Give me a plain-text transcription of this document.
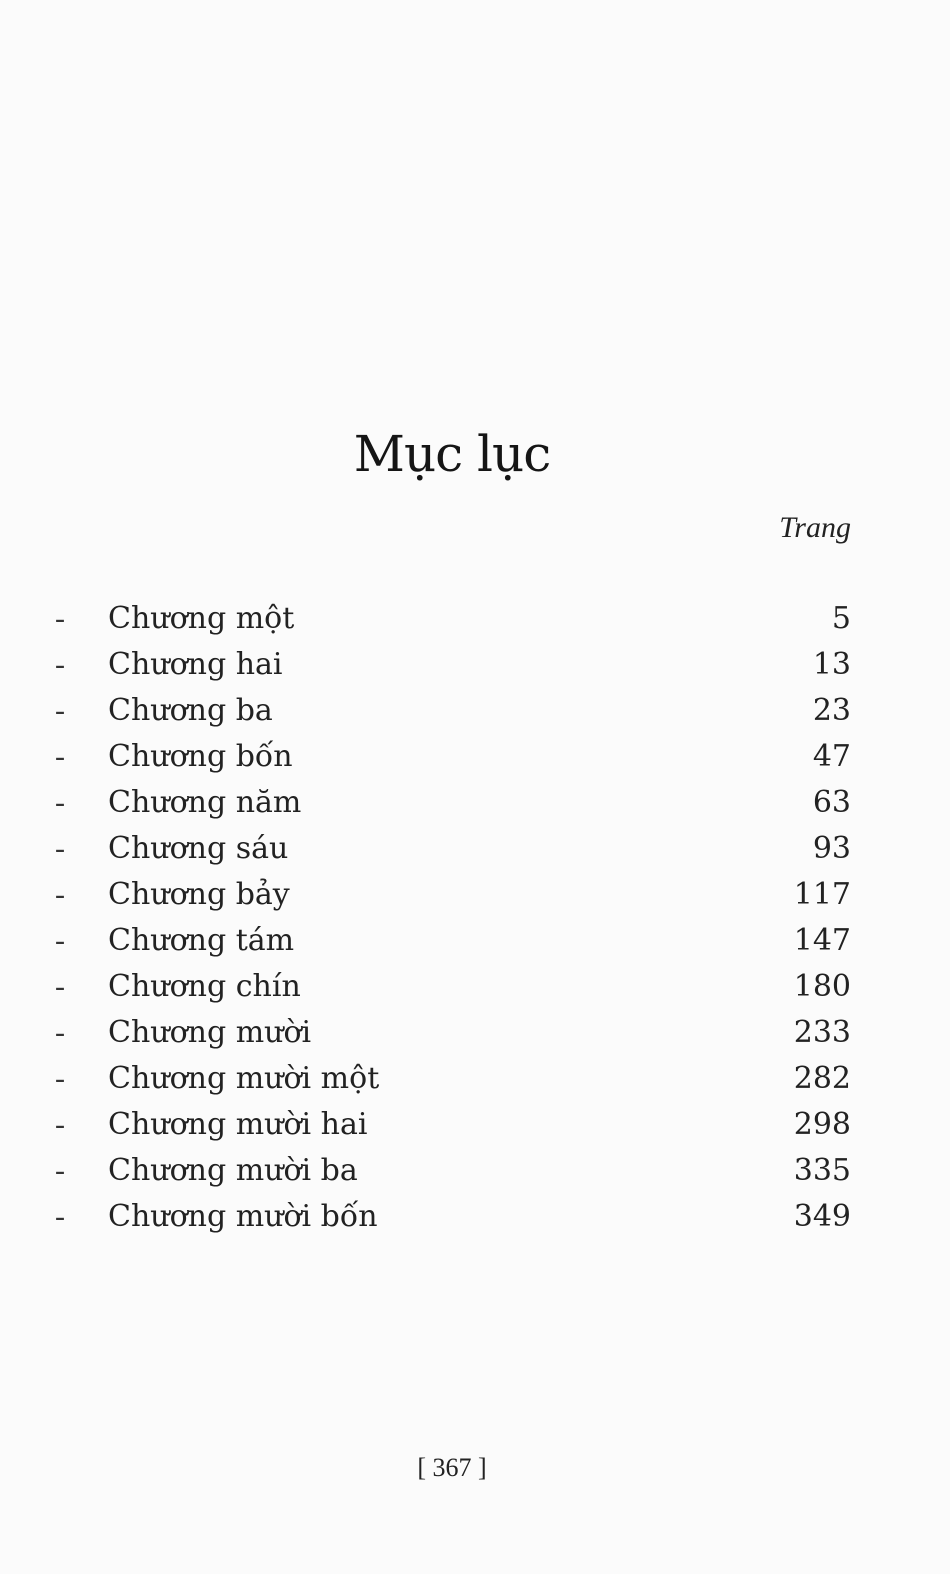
Mục lục
Trang
- Chương một	5
- Chương hai	13
- Chương ba	23
- Chương bốn	47
- Chương năm	63
- Chương sáu	93
- Chương bảy	117
- Chương tám	147
- Chương chín	180
- Chương mười	233
- Chương mười một	282
- Chương mười hai	298
- Chương mười ba	335
- Chương mười bốn	349
[ 367 ]
